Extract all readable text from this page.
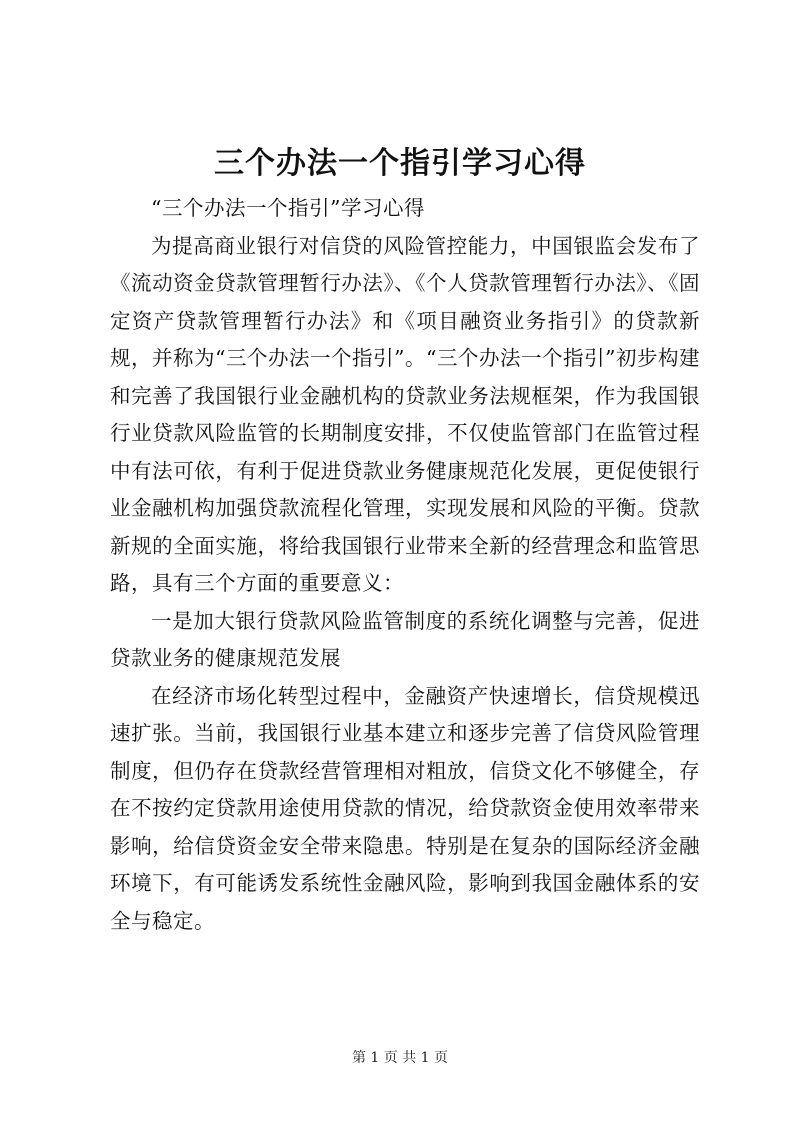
三个办法一个指引学习心得

“三个办法一个指引”学习心得

为提高商业银行对信贷的风险管控能力，中国银监会发布了《流动资金贷款管理暂行办法》、《个人贷款管理暂行办法》、《固定资产贷款管理暂行办法》和《项目融资业务指引》的贷款新规，并称为“三个办法一个指引”。“三个办法一个指引”初步构建和完善了我国银行业金融机构的贷款业务法规框架，作为我国银行业贷款风险监管的长期制度安排，不仅使监管部门在监管过程中有法可依，有利于促进贷款业务健康规范化发展，更促使银行业金融机构加强贷款流程化管理，实现发展和风险的平衡。贷款新规的全面实施，将给我国银行业带来全新的经营理念和监管思路，具有三个方面的重要意义：

一是加大银行贷款风险监管制度的系统化调整与完善，促进贷款业务的健康规范发展

在经济市场化转型过程中，金融资产快速增长，信贷规模迅速扩张。当前，我国银行业基本建立和逐步完善了信贷风险管理制度，但仍存在贷款经营管理相对粗放，信贷文化不够健全，存在不按约定贷款用途使用贷款的情况，给贷款资金使用效率带来影响，给信贷资金安全带来隐患。特别是在复杂的国际经济金融环境下，有可能诱发系统性金融风险，影响到我国金融体系的安全与稳定。

第 1 页 共 1 页
